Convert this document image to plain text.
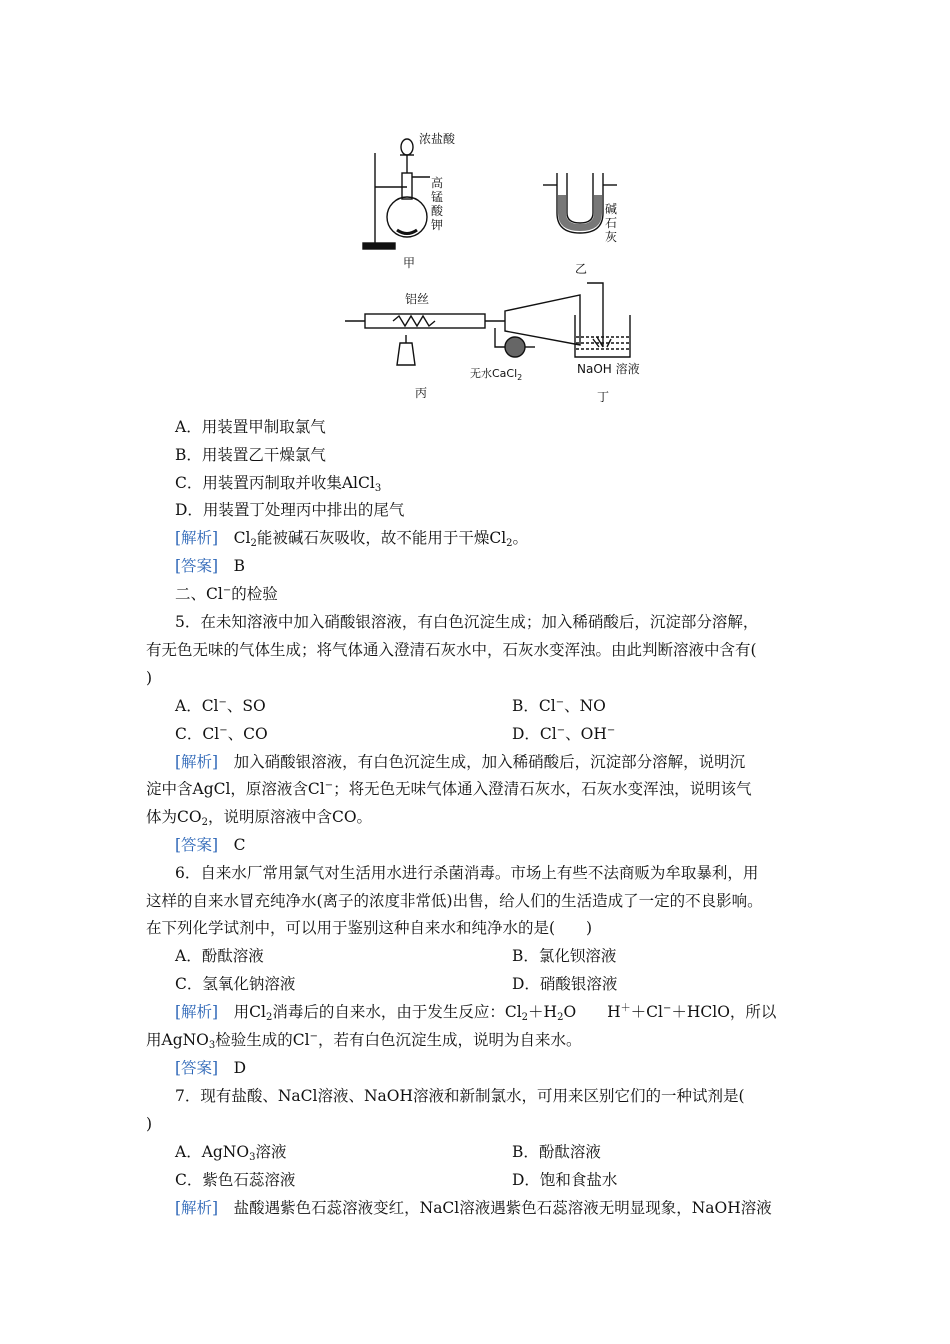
浓盐酸
高
锰
酸
钾
甲
碱
石
灰
乙
铝丝
无水CaCl$_2$
丙
NaOH 溶液
丁
A．用装置甲制取氯气
B．用装置乙干燥氯气
C．用装置丙制取并收集AlCl$_3$
D．用装置丁处理丙中排出的尾气
[解析]　 $Cl_2$能被碱石灰吸收，故不能用于干燥$Cl_2$。
[答案]　 B
二、Cl−的检验
5．在未知溶液中加入硝酸银溶液，有白色沉淀生成；加入稀硝酸后，沉淀部分溶解，
有无色无味的气体生成；将气体通入澄清石灰水中，石灰水变浑浊。由此判断溶液中含有(
)
A．Cl−、SO	B．Cl−、NO
C．Cl−、CO	D．Cl−、OH−
[解析]　 加入硝酸银溶液，有白色沉淀生成，加入稀硝酸后，沉淀部分溶解，说明沉
淀中含AgCl，原溶液含Cl−；将无色无味气体通入澄清石灰水，石灰水变浑浊，说明该气
体为$CO_2$，说明原溶液中含CO。
[答案]　 C
6．自来水厂常用氯气对生活用水进行杀菌消毒。市场上有些不法商贩为牟取暴利，用
这样的自来水冒充纯净水(离子的浓度非常低)出售，给人们的生活造成了一定的不良影响。
在下列化学试剂中，可以用于鉴别这种自来水和纯净水的是(　　)
A．酚酞溶液	B．氯化钡溶液
C．氢氧化钠溶液	D．硝酸银溶液
[解析]　 用$Cl_2$消毒后的自来水，由于发生反应：$Cl_2+H_2O$　　H＋＋Cl−＋HClO，所以
用AgNO$_3$检验生成的Cl−，若有白色沉淀生成，说明为自来水。
[答案]　 D
7．现有盐酸、NaCl溶液、NaOH溶液和新制氯水，可用来区别它们的一种试剂是(
)
A．AgNO$_3$溶液	B．酚酞溶液
C．紫色石蕊溶液	D．饱和食盐水
[解析]　 盐酸遇紫色石蕊溶液变红，NaCl溶液遇紫色石蕊溶液无明显现象，NaOH溶液
